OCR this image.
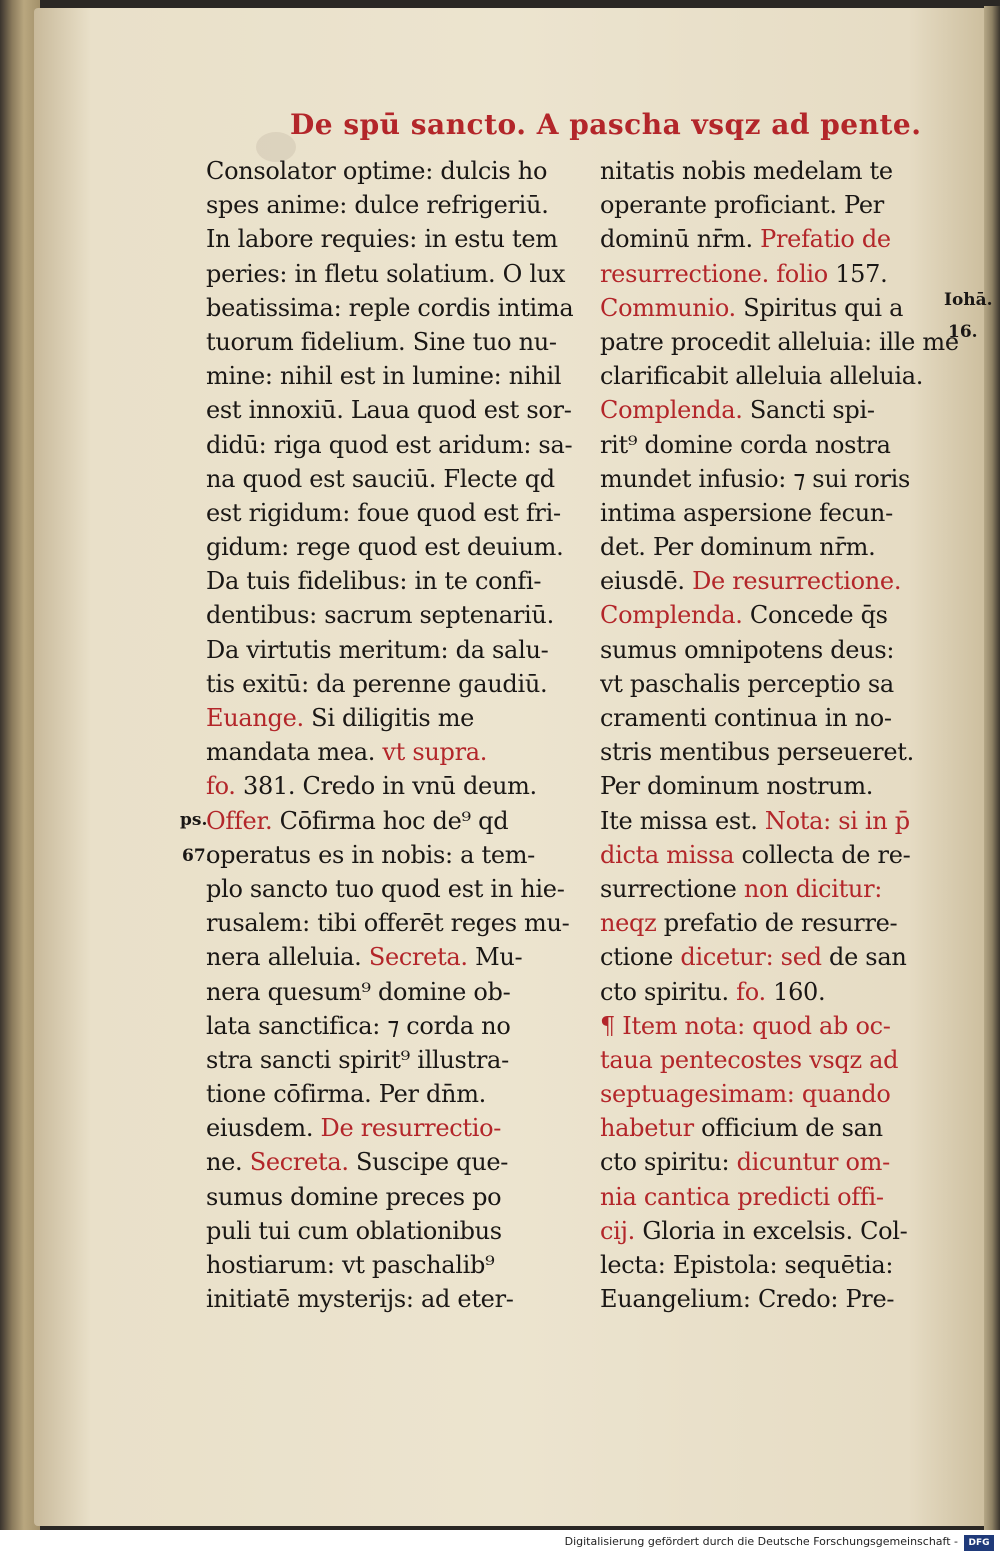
De spū sancto. A pascha vsqz ad pente.
Consolator optime: dulcis ho
spes anime: dulce refrigeriū.
In labore requies: in estu tem
peries: in fletu solatium. O lux
beatissima: reple cordis intima
tuorum fidelium. Sine tuo nu-
mine: nihil est in lumine: nihil
est innoxiū. Laua quod est sor-
didū: riga quod est aridum: sa-
na quod est sauciū. Flecte qd
est rigidum: foue quod est fri-
gidum: rege quod est deuium.
Da tuis fidelibus: in te confi-
dentibus: sacrum septenariū.
Da virtutis meritum: da salu-
tis exitū: da perenne gaudiū.
Euange. Si diligitis me
mandata mea. vt supra.
fo. 381. Credo in vnū deum.
Offer. Cōfirma hoc de⁹ qd
operatus es in nobis: a tem-
plo sancto tuo quod est in hie-
rusalem: tibi offerēt reges mu-
nera alleluia. Secreta. Mu-
nera quesum⁹ domine ob-
lata sanctifica: ⁊ corda no
stra sancti spirit⁹ illustra-
tione cōfirma. Per dn̄m.
eiusdem. De resurrectio-
ne. Secreta. Suscipe que-
sumus domine preces po
puli tui cum oblationibus
hostiarum: vt paschalib⁹
initiatē mysterijs: ad eter-
nitatis nobis medelam te
operante proficiant. Per
dominū nr̄m. Prefatio de
resurrectione. folio 157.
Communio. Spiritus qui a
patre procedit alleluia: ille me
clarificabit alleluia alleluia.
Complenda. Sancti spi-
rit⁹ domine corda nostra
mundet infusio: ⁊ sui roris
intima aspersione fecun-
det. Per dominum nr̄m.
eiusdē. De resurrectione.
Complenda. Concede q̄s
sumus omnipotens deus:
vt paschalis perceptio sa
cramenti continua in no-
stris mentibus perseueret.
Per dominum nostrum.
Ite missa est. Nota: si in p̄
dicta missa collecta de re-
surrectione non dicitur:
neqz prefatio de resurre-
ctione dicetur: sed de san
cto spiritu. fo. 160.
¶ Item nota: quod ab oc-
taua pentecostes vsqz ad
septuagesimam: quando
habetur officium de san
cto spiritu: dicuntur om-
nia cantica predicti offi-
cij. Gloria in excelsis. Col-
lecta: Epistola: sequētia:
Euangelium: Credo: Pre-
ps.
67.
Iohā.
16.
Digitalisierung gefördert durch die Deutsche Forschungsgemeinschaft -	DFG
